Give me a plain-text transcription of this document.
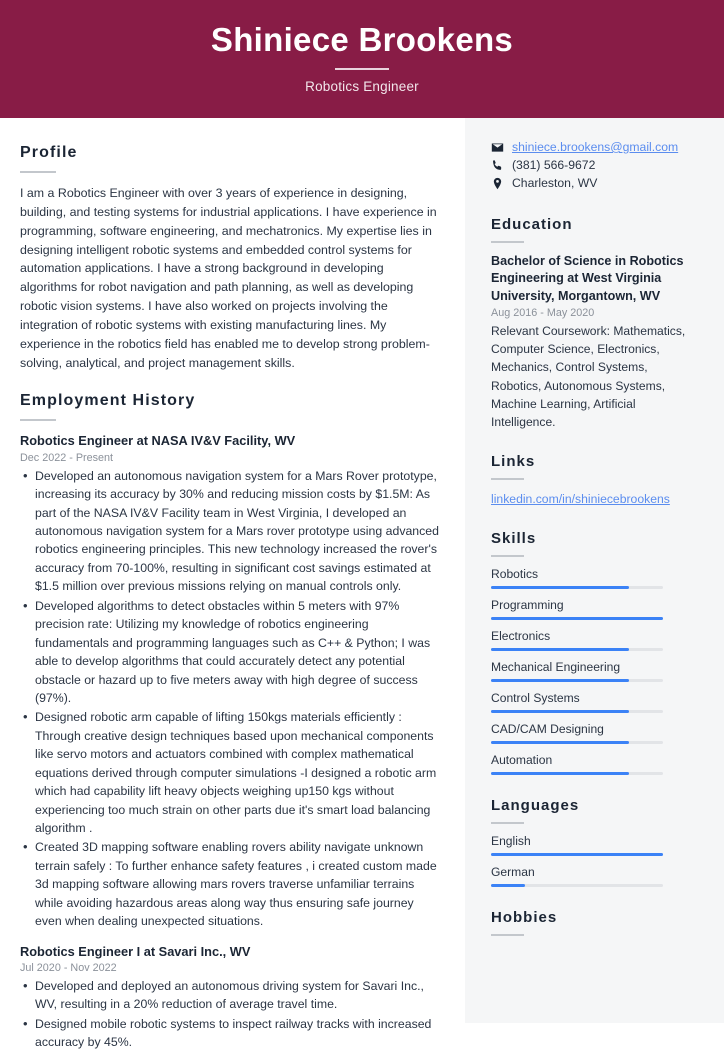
Shiniece Brookens
Robotics Engineer
Profile
I am a Robotics Engineer with over 3 years of experience in designing, building, and testing systems for industrial applications. I have experience in programming, software engineering, and mechatronics. My expertise lies in designing intelligent robotic systems and embedded control systems for automation applications. I have a strong background in developing algorithms for robot navigation and path planning, as well as developing robotic vision systems. I have also worked on projects involving the integration of robotic systems with existing manufacturing lines. My experience in the robotics field has enabled me to develop strong problem-solving, analytical, and project management skills.
Employment History
Robotics Engineer at NASA IV&V Facility, WV
Dec 2022 - Present
• Developed an autonomous navigation system for a Mars Rover prototype, increasing its accuracy by 30% and reducing mission costs by $1.5M: As part of the NASA IV&V Facility team in West Virginia, I developed an autonomous navigation system for a Mars rover prototype using advanced robotics engineering principles. This new technology increased the rover's accuracy from 70-100%, resulting in significant cost savings estimated at $1.5 million over previous missions relying on manual controls only.
• Developed algorithms to detect obstacles within 5 meters with 97% precision rate: Utilizing my knowledge of robotics engineering fundamentals and programming languages such as C++ & Python; I was able to develop algorithms that could accurately detect any potential obstacle or hazard up to five meters away with high degree of success (97%).
• Designed robotic arm capable of lifting 150kgs materials efficiently : Through creative design techniques based upon mechanical components like servo motors and actuators combined with complex mathematical equations derived through computer simulations -I designed a robotic arm which had capability lift heavy objects weighing up150 kgs without experiencing too much strain on other parts due it's smart load balancing algorithm .
• Created 3D mapping software enabling rovers ability navigate unknown terrain safely : To further enhance safety features , i created custom made 3d mapping software allowing mars rovers traverse unfamiliar terrains while avoiding hazardous areas along way thus ensuring safe journey even when dealing unexpected situations.
Robotics Engineer I at Savari Inc., WV
Jul 2020 - Nov 2022
• Developed and deployed an autonomous driving system for Savari Inc., WV, resulting in a 20% reduction of average travel time.
• Designed mobile robotic systems to inspect railway tracks with increased accuracy by 45%.
shiniece.brookens@gmail.com
(381) 566-9672
Charleston, WV
Education
Bachelor of Science in Robotics Engineering at West Virginia University, Morgantown, WV
Aug 2016 - May 2020
Relevant Coursework: Mathematics, Computer Science, Electronics, Mechanics, Control Systems, Robotics, Autonomous Systems, Machine Learning, Artificial Intelligence.
Links
linkedin.com/in/shiniecebrookens
Skills
Robotics
Programming
Electronics
Mechanical Engineering
Control Systems
CAD/CAM Designing
Automation
Languages
English
German
Hobbies
